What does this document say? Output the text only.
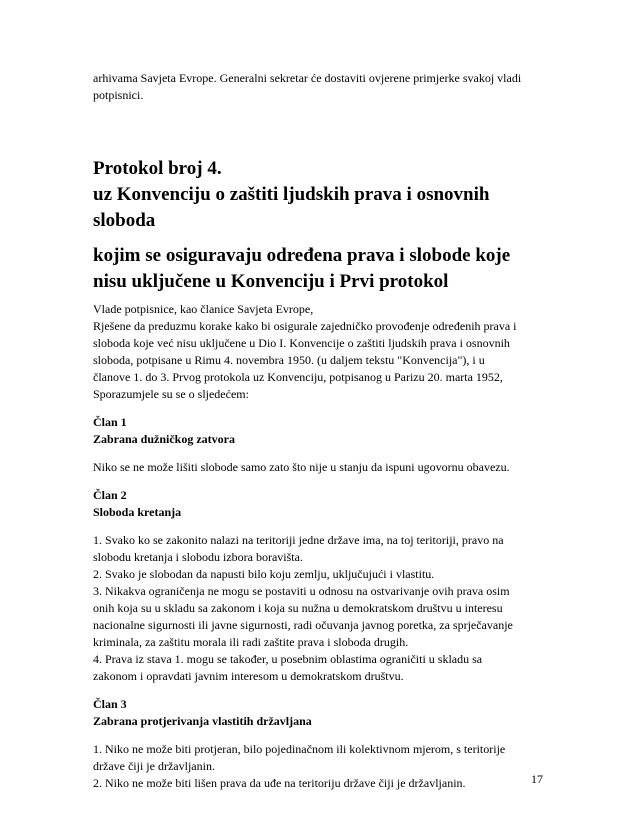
arhivama Savjeta Evrope. Generalni sekretar će dostaviti ovjerene primjerke svakoj vladi
potpisnici.
Protokol broj 4.
uz Konvenciju o zaštiti ljudskih prava i osnovnih
sloboda
kojim se osiguravaju određena prava i slobode koje
nisu uključene u Konvenciju i Prvi protokol
Vlade potpisnice, kao članice Savjeta Evrope,
Rješene da preduzmu korake kako bi osigurale zajedničko provođenje određenih prava i
sloboda koje već nisu uključene u Dio I. Konvencije o zaštiti ljudskih prava i osnovnih
sloboda, potpisane u Rimu 4. novembra 1950. (u daljem tekstu "Konvencija"), i u
članove 1. do 3. Prvog protokola uz Konvenciju, potpisanog u Parizu 20. marta 1952,
Sporazumjele su se o sljedećem:
Član 1
Zabrana dužničkog zatvora
Niko se ne može lišiti slobode samo zato što nije u stanju da ispuni ugovornu obavezu.
Član 2
Sloboda kretanja
1. Svako ko se zakonito nalazi na teritoriji jedne države ima, na toj teritoriji, pravo na
slobodu kretanja i slobodu izbora boravišta.
2. Svako je slobodan da napusti bilo koju zemlju, uključujući i vlastitu.
3. Nikakva ograničenja ne mogu se postaviti u odnosu na ostvarivanje ovih prava osim
onih koja su u skladu sa zakonom i koja su nužna u demokratskom društvu u interesu
nacionalne sigurnosti ili javne sigurnosti, radi očuvanja javnog poretka, za sprječavanje
kriminala, za zaštitu morala ili radi zaštite prava i sloboda drugih.
4. Prava iz stava 1. mogu se također, u posebnim oblastima ograničiti u skladu sa
zakonom i opravdati javnim interesom u demokratskom društvu.
Član 3
Zabrana protjerivanja vlastitih državljana
1. Niko ne može biti protjeran, bilo pojedinačnom ili kolektivnom mjerom, s teritorije
države čiji je državljanin.
2. Niko ne može biti lišen prava da uđe na teritoriju države čiji je državljanin.	17
